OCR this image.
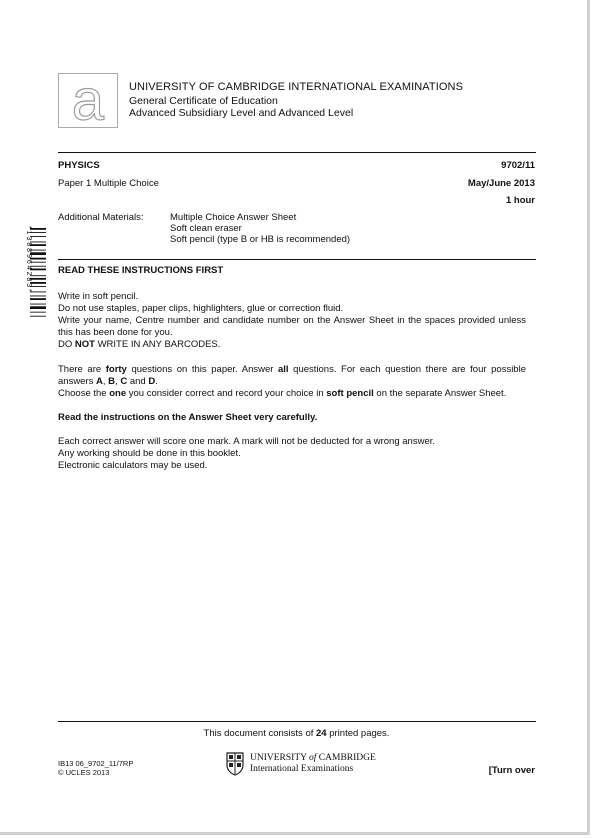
a UNIVERSITY OF CAMBRIDGE INTERNATIONAL EXAMINATIONS
General Certificate of Education
Advanced Subsidiary Level and Advanced Level
PHYSICS	9702/11
Paper 1 Multiple Choice	May/June 2013
1 hour
Additional Materials:	Multiple Choice Answer Sheet
Soft clean eraser
Soft pencil (type B or HB is recommended)
* 1 3 8 8 9 6 4 2 8 3 *	READ THESE INSTRUCTIONS FIRST

Write in soft pencil.

Do not use staples, paper clips, highlighters, glue or correction fluid.

Write your name, Centre number and candidate number on the Answer Sheet in the spaces provided unless this has been done for you.

DO NOT WRITE IN ANY BARCODES.

There are forty questions on this paper. Answer all questions. For each question there are four possible answers A, B, C and D.

Choose the one you consider correct and record your choice in soft pencil on the separate Answer Sheet.

Read the instructions on the Answer Sheet very carefully.

Each correct answer will score one mark. A mark will not be deducted for a wrong answer.

Any working should be done in this booklet.

Electronic calculators may be used.

This document consists of 24 printed pages.
IB13 06_9702_11/7RP
© UCLES 2013
UNIVERSITY of CAMBRIDGE
International Examinations	[Turn over
